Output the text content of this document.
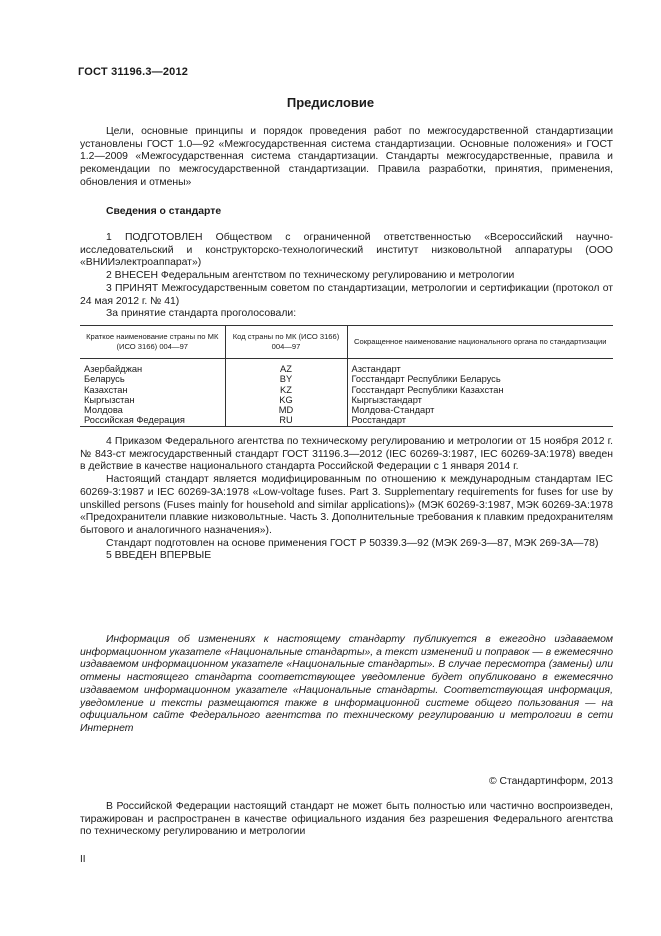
ГОСТ 31196.3—2012
Предисловие

Цели, основные принципы и порядок проведения работ по межгосударственной стандартизации установлены ГОСТ 1.0—92 «Межгосударственная система стандартизации. Основные положения» и ГОСТ 1.2—2009 «Межгосударственная система стандартизации. Стандарты межгосударственные, правила и рекомендации по межгосударственной стандартизации. Правила разработки, принятия, применения, обновления и отмены»

Сведения о стандарте

1 ПОДГОТОВЛЕН Обществом с ограниченной ответственностью «Всероссийский научно-исследовательский и конструкторско-технологический институт низковольтной аппаратуры (ООО «ВНИИэлектроаппарат»)

2 ВНЕСЕН Федеральным агентством по техническому регулированию и метрологии

3 ПРИНЯТ Межгосударственным советом по стандартизации, метрологии и сертификации (протокол от 24 мая 2012 г. № 41)

За принятие стандарта проголосовали:

Краткое наименование страны по МК (ИСО 3166) 004—97	Код страны по МК (ИСО 3166) 004—97	Сокращенное наименование национального органа по стандартизации
Азербайджан	AZ	Азстандарт
Беларусь	BY	Госстандарт Республики Беларусь
Казахстан	KZ	Госстандарт Республики Казахстан
Кыргызстан	KG	Кыргызстандарт
Молдова	MD	Молдова-Стандарт
Российская Федерация	RU	Росстандарт

4 Приказом Федерального агентства по техническому регулированию и метрологии от 15 ноября 2012 г. № 843-ст межгосударственный стандарт ГОСТ 31196.3—2012 (IEC 60269-3:1987, IEC 60269-3A:1978) введен в действие в качестве национального стандарта Российской Федерации с 1 января 2014 г.

Настоящий стандарт является модифицированным по отношению к международным стандартам IEC 60269-3:1987 и IEC 60269-3A:1978 «Low-voltage fuses. Part 3. Supplementary requirements for fuses for use by unskilled persons (Fuses mainly for household and similar applications)» (МЭК 60269-3:1987, МЭК 60269-3A:1978 «Предохранители плавкие низковольтные. Часть 3. Дополнительные требования к плавким предохранителям бытового и аналогичного назначения»).

Стандарт подготовлен на основе применения ГОСТ Р 50339.3—92 (МЭК 269-3—87, МЭК 269-3А—78)

5 ВВЕДЕН ВПЕРВЫЕ

Информация об изменениях к настоящему стандарту публикуется в ежегодно издаваемом информационном указателе «Национальные стандарты», а текст изменений и поправок — в ежемесячно издаваемом информационном указателе «Национальные стандарты». В случае пересмотра (замены) или отмены настоящего стандарта соответствующее уведомление будет опубликовано в ежемесячно издаваемом информационном указателе «Национальные стандарты. Соответствующая информация, уведомление и тексты размещаются также в информационной системе общего пользования — на официальном сайте Федерального агентства по техническому регулированию и метрологии в сети Интернет

© Стандартинформ, 2013

В Российской Федерации настоящий стандарт не может быть полностью или частично воспроизведен, тиражирован и распространен в качестве официального издания без разрешения Федерального агентства по техническому регулированию и метрологии

II
